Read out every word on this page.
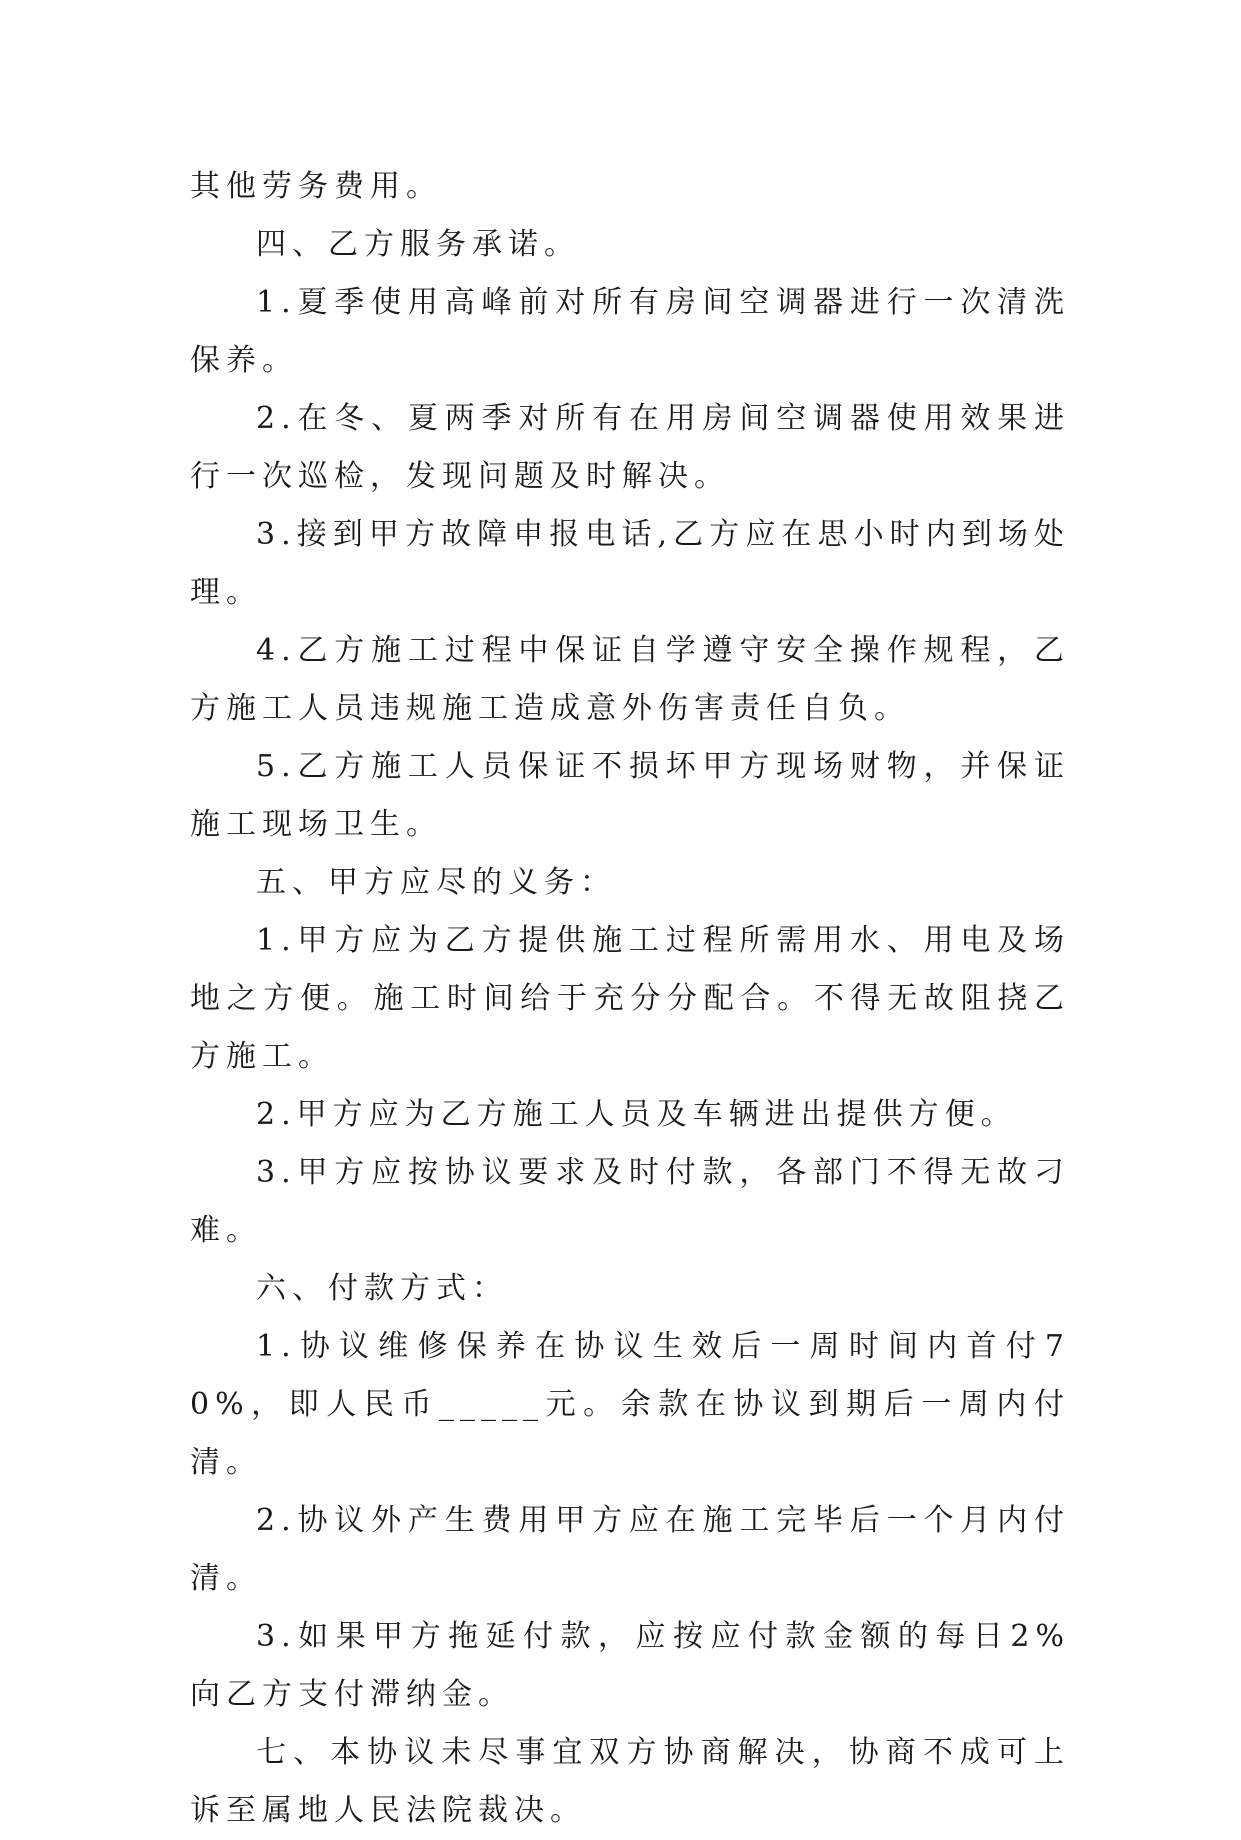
其他劳务费用。

四、乙方服务承诺。

1.夏季使用高峰前对所有房间空调器进行一次清洗保养。

2.在冬、夏两季对所有在用房间空调器使用效果进行一次巡检，发现问题及时解决。

3.接到甲方故障申报电话,乙方应在思小时内到场处理。

4.乙方施工过程中保证自学遵守安全操作规程，乙方施工人员违规施工造成意外伤害责任自负。

5.乙方施工人员保证不损坏甲方现场财物，并保证施工现场卫生。

五、甲方应尽的义务：

1.甲方应为乙方提供施工过程所需用水、用电及场地之方便。施工时间给于充分分配合。不得无故阻挠乙方施工。

2.甲方应为乙方施工人员及车辆进出提供方便。

3.甲方应按协议要求及时付款，各部门不得无故刁难。

六、付款方式：

1.协议维修保养在协议生效后一周时间内首付70%，即人民币_____元。余款在协议到期后一周内付清。

2.协议外产生费用甲方应在施工完毕后一个月内付清。

3.如果甲方拖延付款，应按应付款金额的每日2%向乙方支付滞纳金。

七、本协议未尽事宜双方协商解决，协商不成可上诉至属地人民法院裁决。
